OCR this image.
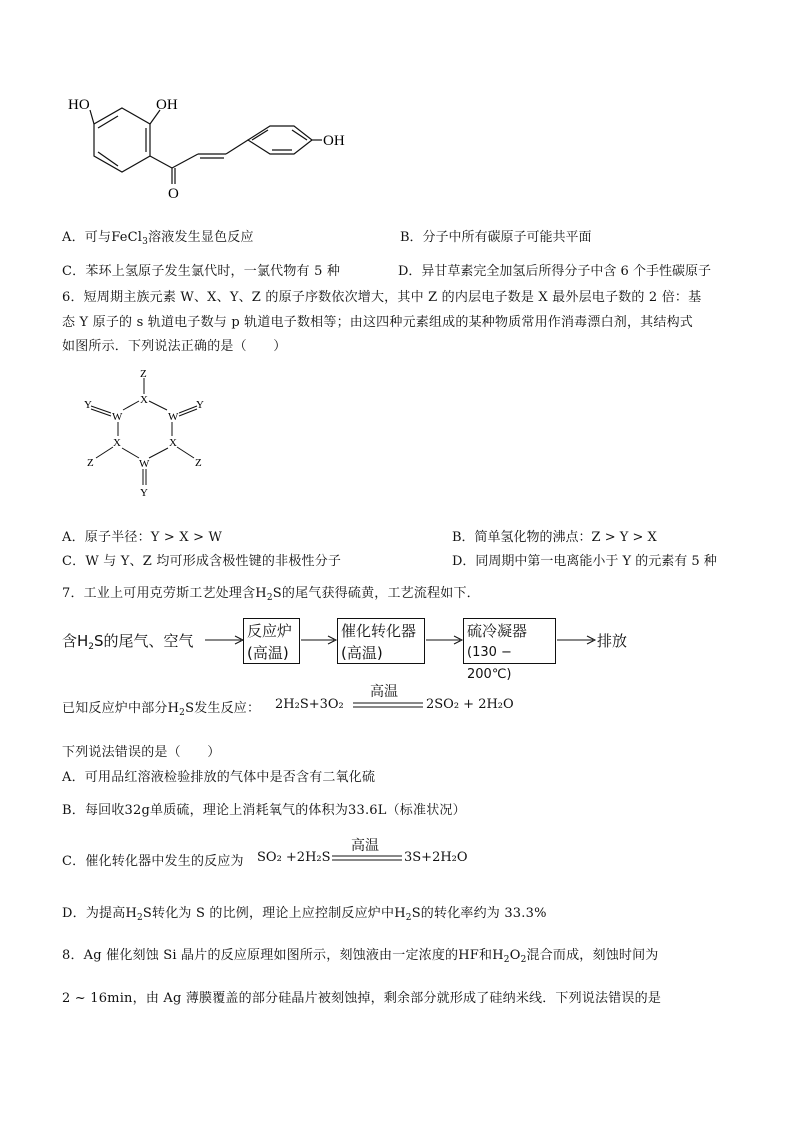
HO	OH
OH
O
A．可与FeCl$_3$溶液发生显色反应	B．分子中所有碳原子可能共平面
C．苯环上氢原子发生氯代时，一氯代物有 5 种	D．异甘草素完全加氢后所得分子中含 6 个手性碳原子
6．短周期主族元素 W、X、Y、Z 的原子序数依次增大，其中 Z 的内层电子数是 X 最外层电子数的 2 倍：基
态 Y 原子的 s 轨道电子数与 p 轨道电子数相等；由这四种元素组成的某种物质常用作消毒漂白剂，其结构式
如图所示．下列说法正确的是（　　）
Z
X
W
Y
W
Y
X
Z
X
Z
W
Y
A．原子半径：Y > X > W	B．简单氢化物的沸点：Z > Y > X
C．W 与 Y、Z 均可形成含极性键的非极性分子	D．同周期中第一电离能小于 Y 的元素有 5 种
7．工业上可用克劳斯工艺处理含$H_2S$的尾气获得硫黄，工艺流程如下．
含$H_2S$的尾气、空气
反应炉
(高温)
催化转化器
(高温)
硫冷凝器
(130 − 200℃)
排放
已知反应炉中部分$H_2S$发生反应： 2H₂S+3O₂
高温
2SO₂ + 2H₂O
下列说法错误的是（　　）
A．可用品红溶液检验排放的气体中是否含有二氧化硫
B．每回收32g单质硫，理论上消耗氧气的体积为33.6L（标准状况）
C．催化转化器中发生的反应为 SO₂ +2H₂S
高温
3S+2H₂O
D．为提高$H_2S$转化为 S 的比例，理论上应控制反应炉中$H_2S$的转化率约为 33.3%
8．Ag 催化刻蚀 Si 晶片的反应原理如图所示，刻蚀液由一定浓度的HF和$H_2O_2$混合而成，刻蚀时间为
2 ~ 16min，由 Ag 薄膜覆盖的部分硅晶片被刻蚀掉，剩余部分就形成了硅纳米线．下列说法错误的是
